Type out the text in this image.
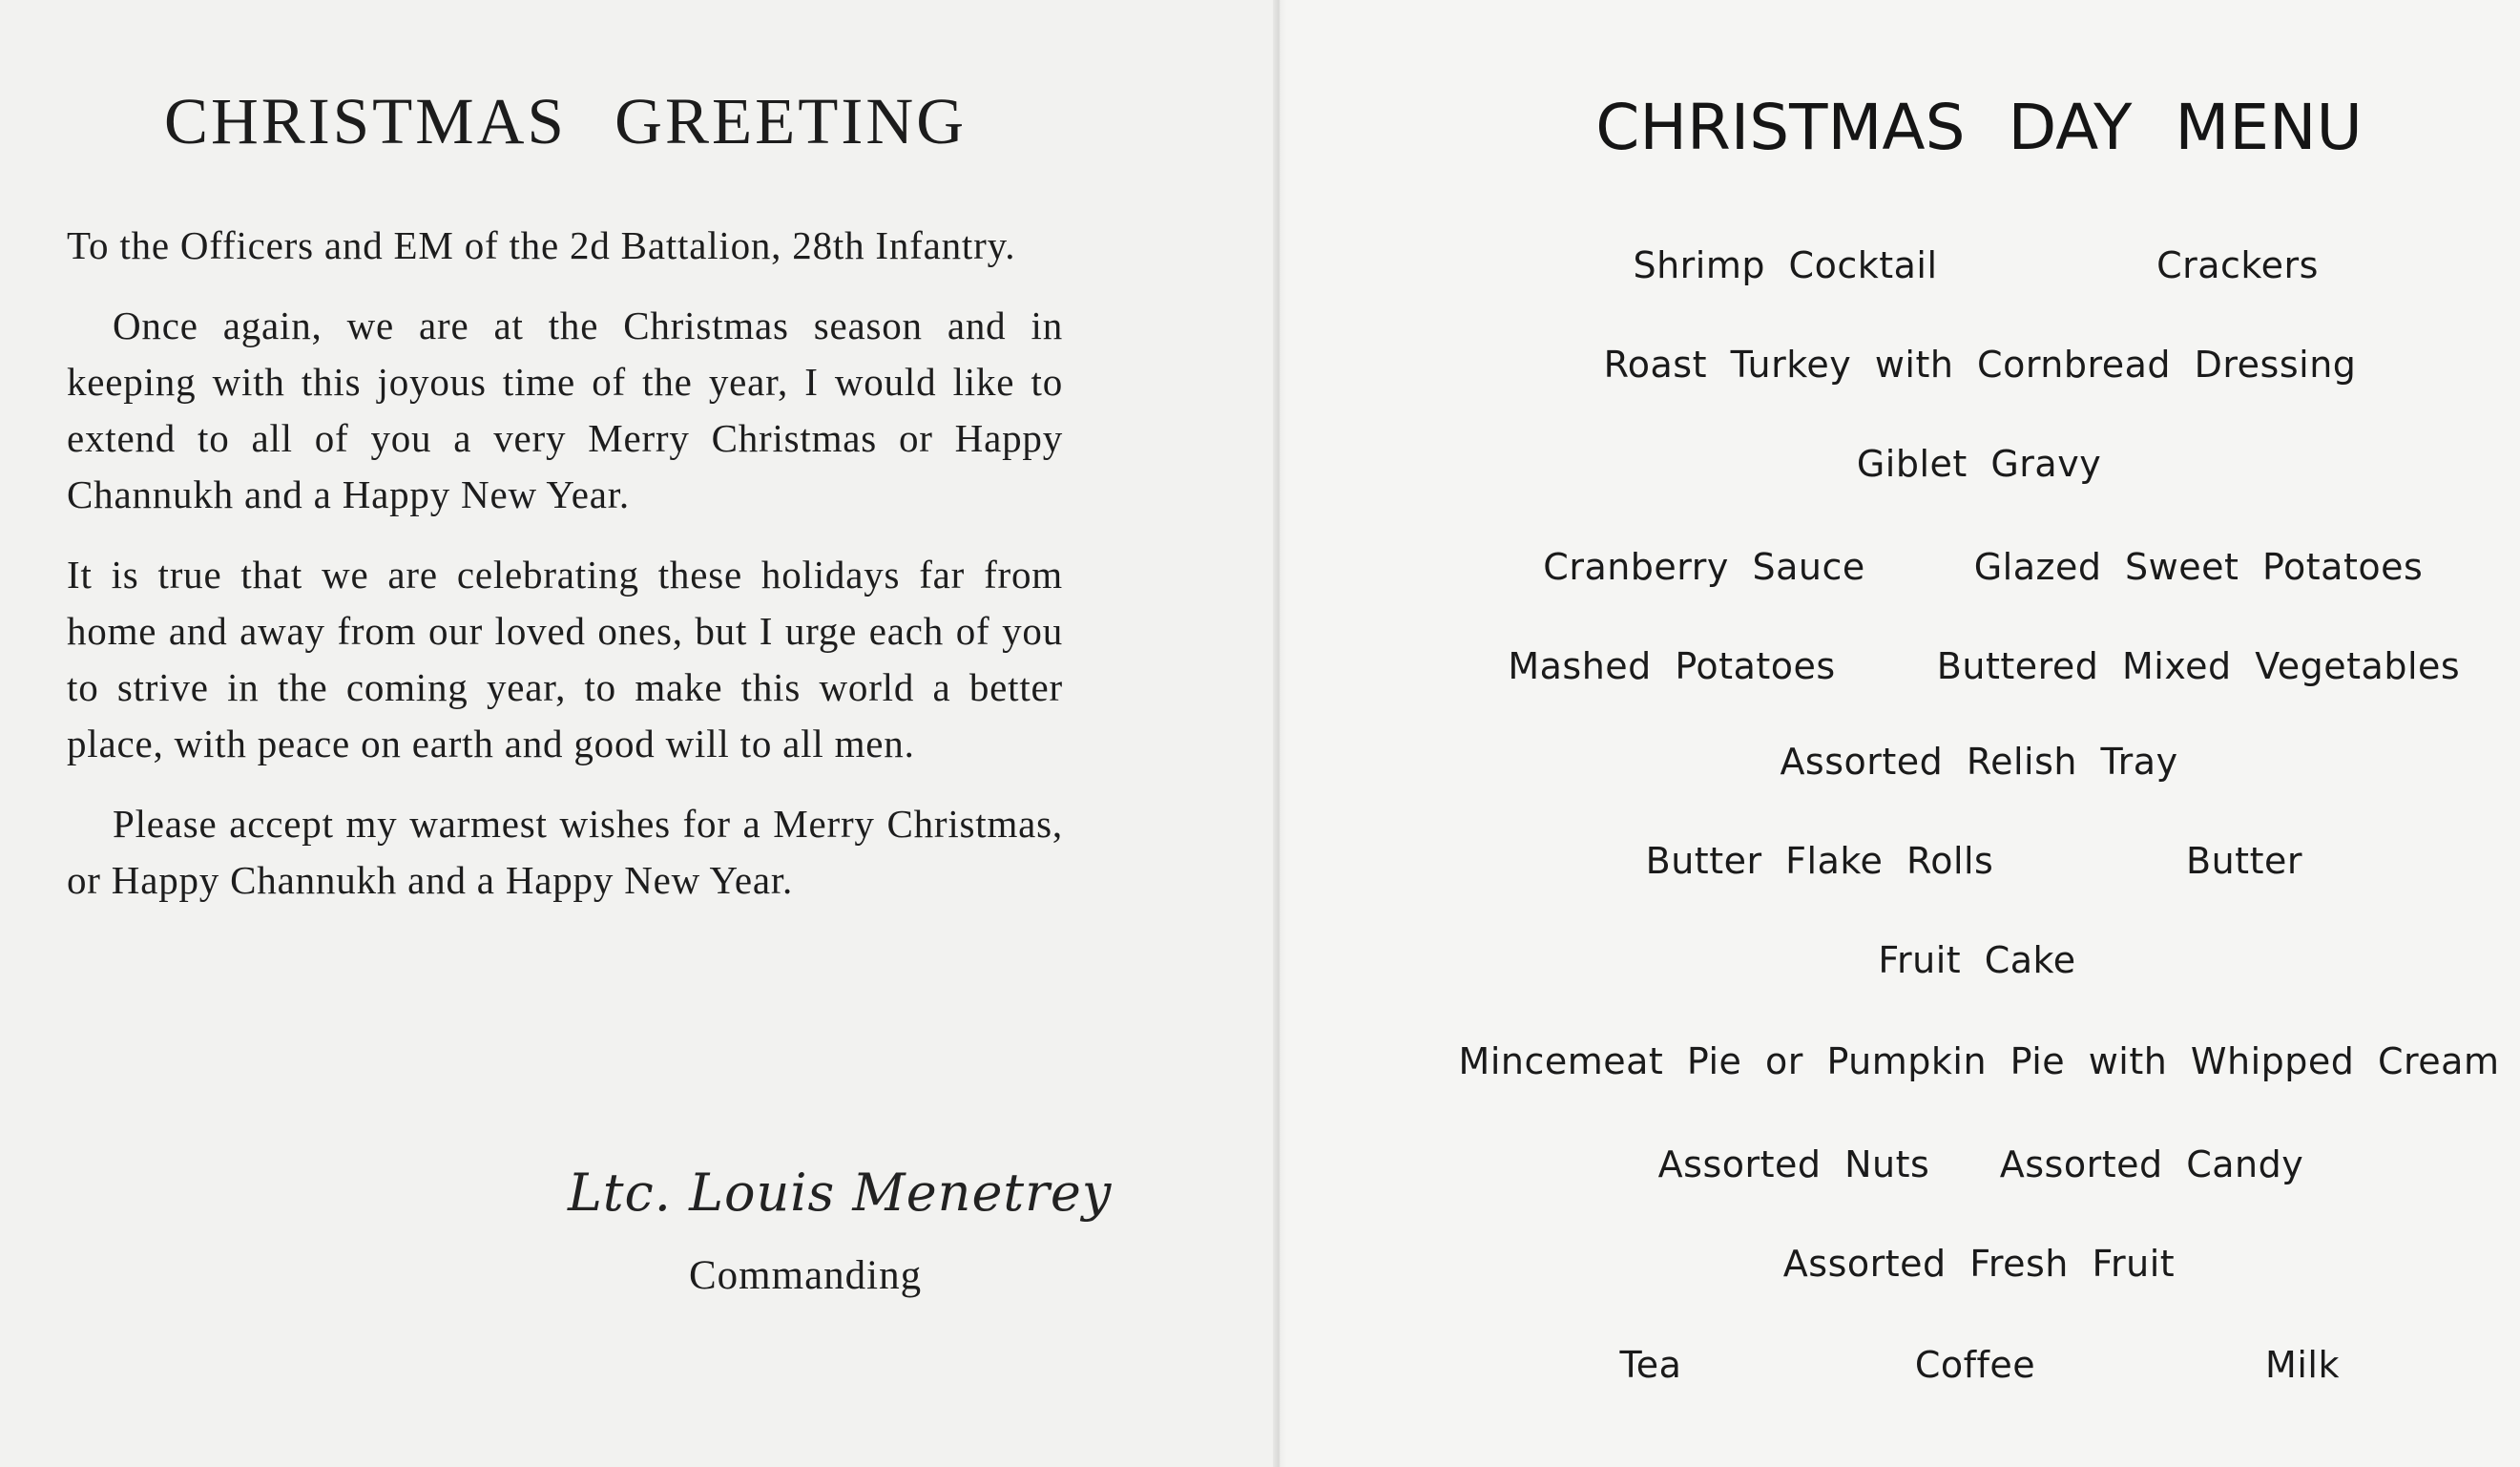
CHRISTMAS GREETING

To the Officers and EM of the 2d Battalion, 28th Infantry.

Once again, we are at the Christmas season and in keeping with this joyous time of the year, I would like to extend to all of you a very Merry Christmas or Happy Channukh and a Happy New Year.

It is true that we are celebrating these holidays far from home and away from our loved ones, but I urge each of you to strive in the coming year, to make this world a better place, with peace on earth and good will to all men.

Please accept my warmest wishes for a Merry Christmas, or Happy Channukh and a Happy New Year.

Ltc. Louis Menetrey
Commanding
CHRISTMAS DAY MENU
Shrimp Cocktail	Crackers
Roast Turkey with Cornbread Dressing
Giblet Gravy
Cranberry Sauce	Glazed Sweet Potatoes
Mashed Potatoes	Buttered Mixed Vegetables
Assorted Relish Tray
Butter Flake Rolls	Butter
Fruit Cake
Mincemeat Pie or Pumpkin Pie with Whipped Cream
Assorted Nuts Assorted Candy
Assorted Fresh Fruit
Tea	Coffee	Milk
